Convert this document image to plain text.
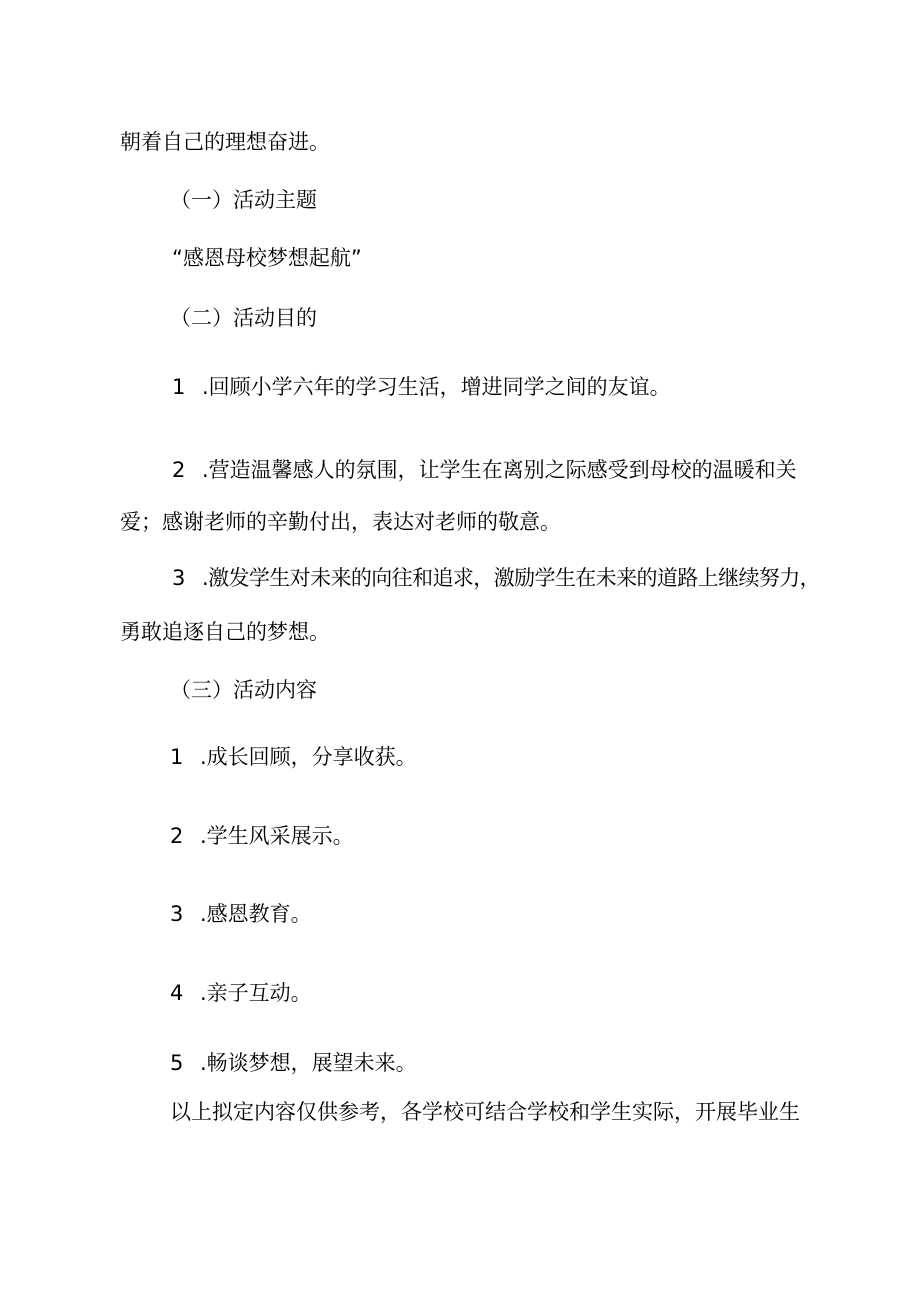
朝着自己的理想奋进。
（一）活动主题
“感恩母校梦想起航”
（二）活动目的
1 .回顾小学六年的学习生活，增进同学之间的友谊。
2 .营造温馨感人的氛围，让学生在离别之际感受到母校的温暖和关
爱；感谢老师的辛勤付出，表达对老师的敬意。
3 .激发学生对未来的向往和追求，激励学生在未来的道路上继续努力，
勇敢追逐自己的梦想。
（三）活动内容
1 .成长回顾，分享收获。
2 .学生风采展示。
3 .感恩教育。
4 .亲子互动。
5 .畅谈梦想，展望未来。
以上拟定内容仅供参考，各学校可结合学校和学生实际，开展毕业生
